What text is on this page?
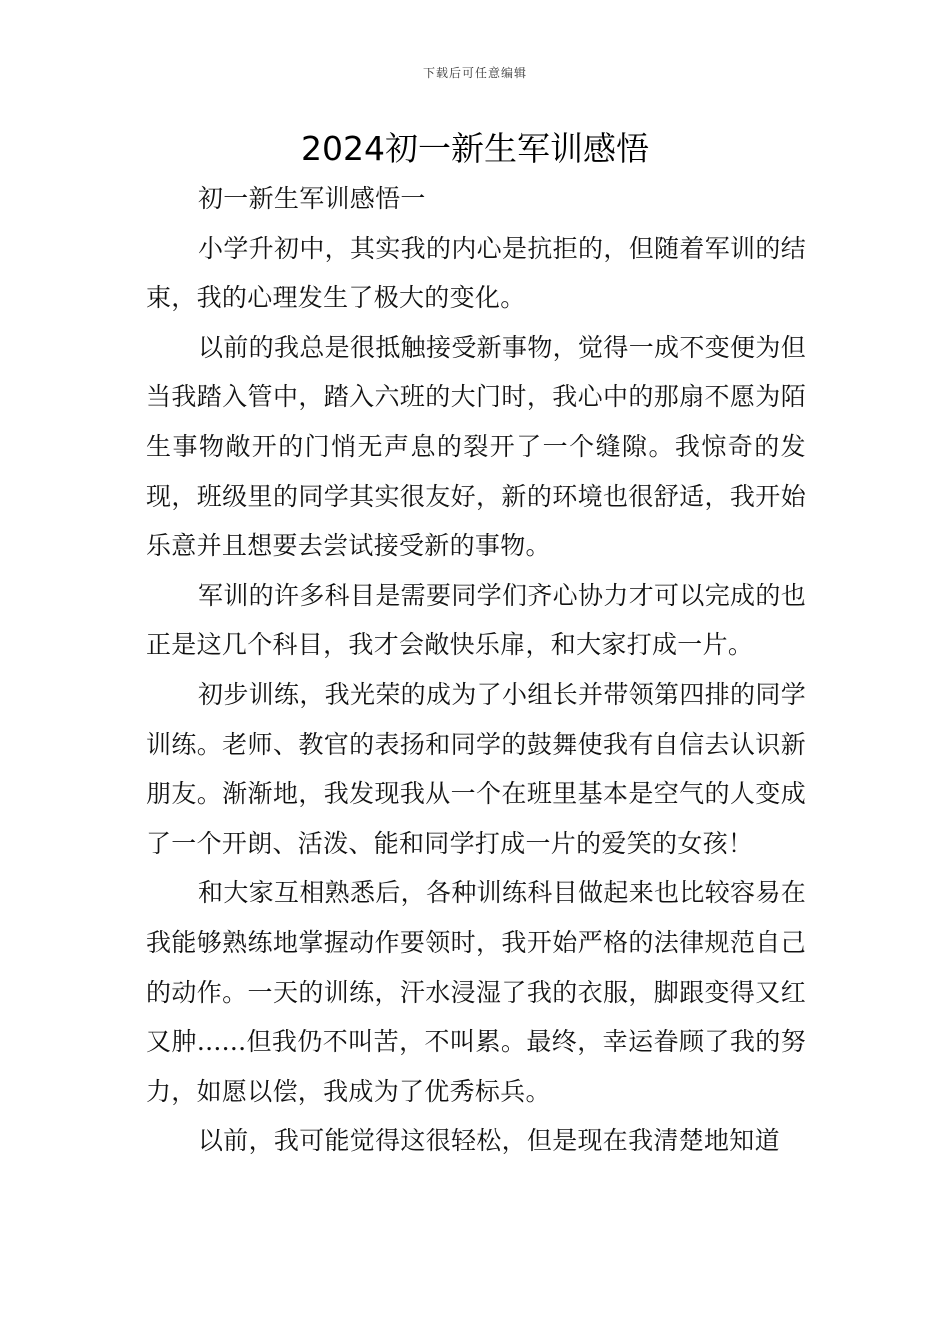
下载后可任意编辑
2024初一新生军训感悟

初一新生军训感悟一

小学升初中，其实我的内心是抗拒的，但随着军训的结束，我的心理发生了极大的变化。

以前的我总是很抵触接受新事物，觉得一成不变便为但当我踏入管中，踏入六班的大门时，我心中的那扇不愿为陌生事物敞开的门悄无声息的裂开了一个缝隙。我惊奇的发现，班级里的同学其实很友好，新的环境也很舒适，我开始乐意并且想要去尝试接受新的事物。

军训的许多科目是需要同学们齐心协力才可以完成的也正是这几个科目，我才会敞快乐扉，和大家打成一片。

初步训练，我光荣的成为了小组长并带领第四排的同学训练。老师、教官的表扬和同学的鼓舞使我有自信去认识新朋友。渐渐地，我发现我从一个在班里基本是空气的人变成了一个开朗、活泼、能和同学打成一片的爱笑的女孩！

和大家互相熟悉后，各种训练科目做起来也比较容易在我能够熟练地掌握动作要领时，我开始严格的法律规范自己的动作。一天的训练，汗水浸湿了我的衣服，脚跟变得又红又肿......但我仍不叫苦，不叫累。最终，幸运眷顾了我的努力，如愿以偿，我成为了优秀标兵。

以前，我可能觉得这很轻松，但是现在我清楚地知道
